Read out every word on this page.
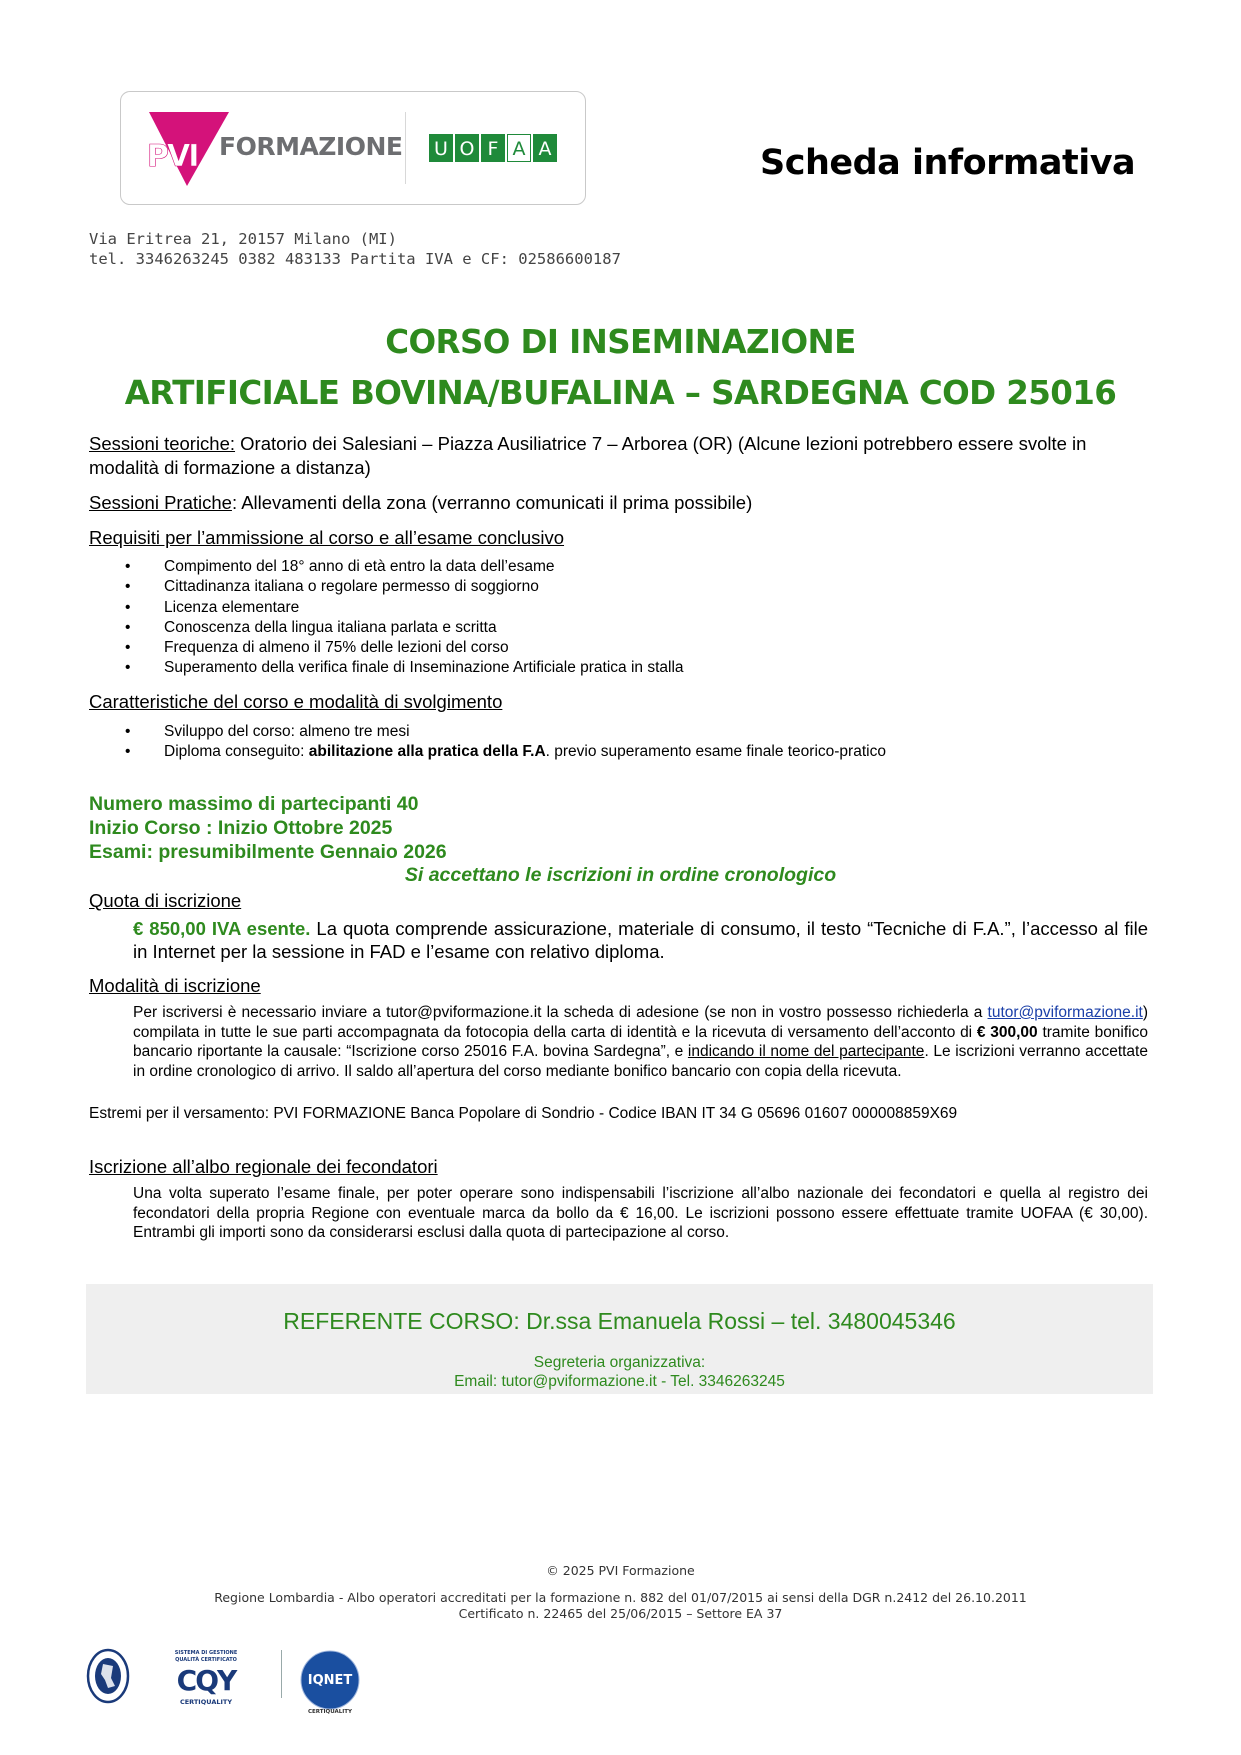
PVI FORMAZIONE U O F A A	Scheda informativa
Via Eritrea 21, 20157 Milano (MI)
tel. 3346263245 0382 483133 Partita IVA e CF: 02586600187
CORSO DI INSEMINAZIONE
ARTIFICIALE BOVINA/BUFALINA – SARDEGNA COD 25016
Sessioni teoriche: Oratorio dei Salesiani – Piazza Ausiliatrice 7 – Arborea (OR) (Alcune lezioni potrebbero essere svolte in modalità di formazione a distanza)
Sessioni Pratiche: Allevamenti della zona (verranno comunicati il prima possibile)
Requisiti per l’ammissione al corso e all’esame conclusivo
• Compimento del 18° anno di età entro la data dell’esame
• Cittadinanza italiana o regolare permesso di soggiorno
• Licenza elementare
• Conoscenza della lingua italiana parlata e scritta
• Frequenza di almeno il 75% delle lezioni del corso
• Superamento della verifica finale di Inseminazione Artificiale pratica in stalla
Caratteristiche del corso e modalità di svolgimento
• Sviluppo del corso: almeno tre mesi
• Diploma conseguito: abilitazione alla pratica della F.A. previo superamento esame finale teorico-pratico
Numero massimo di partecipanti 40
Inizio Corso : Inizio Ottobre 2025
Esami: presumibilmente Gennaio 2026
Si accettano le iscrizioni in ordine cronologico
Quota di iscrizione
€ 850,00 IVA esente. La quota comprende assicurazione, materiale di consumo, il testo “Tecniche di F.A.”, l’accesso al file in Internet per la sessione in FAD e l’esame con relativo diploma.
Modalità di iscrizione
Per iscriversi è necessario inviare a tutor@pviformazione.it la scheda di adesione (se non in vostro possesso richiederla a tutor@pviformazione.it) compilata in tutte le sue parti accompagnata da fotocopia della carta di identità e la ricevuta di versamento dell’acconto di € 300,00 tramite bonifico bancario riportante la causale: “Iscrizione corso 25016 F.A. bovina Sardegna”, e indicando il nome del partecipante. Le iscrizioni verranno accettate in ordine cronologico di arrivo. Il saldo all’apertura del corso mediante bonifico bancario con copia della ricevuta.
Estremi per il versamento: PVI FORMAZIONE Banca Popolare di Sondrio - Codice IBAN IT 34 G 05696 01607 000008859X69
Iscrizione all’albo regionale dei fecondatori
Una volta superato l’esame finale, per poter operare sono indispensabili l’iscrizione all’albo nazionale dei fecondatori e quella al registro dei fecondatori della propria Regione con eventuale marca da bollo da € 16,00. Le iscrizioni possono essere effettuate tramite UOFAA (€ 30,00). Entrambi gli importi sono da considerarsi esclusi dalla quota di partecipazione al corso.
REFERENTE CORSO: Dr.ssa Emanuela Rossi – tel. 3480045346
Segreteria organizzativa:
Email: tutor@pviformazione.it - Tel. 3346263245
© 2025 PVI Formazione
Regione Lombardia - Albo operatori accreditati per la formazione n. 882 del 01/07/2015 ai sensi della DGR n.2412 del 26.10.2011
Certificato n. 22465 del 25/06/2015 – Settore EA 37
SISTEMA DI GESTIONE
QUALITÀ CERTIFICATO
CQY
CERTIQUALITY
IQNET
CERTIQUALITY
